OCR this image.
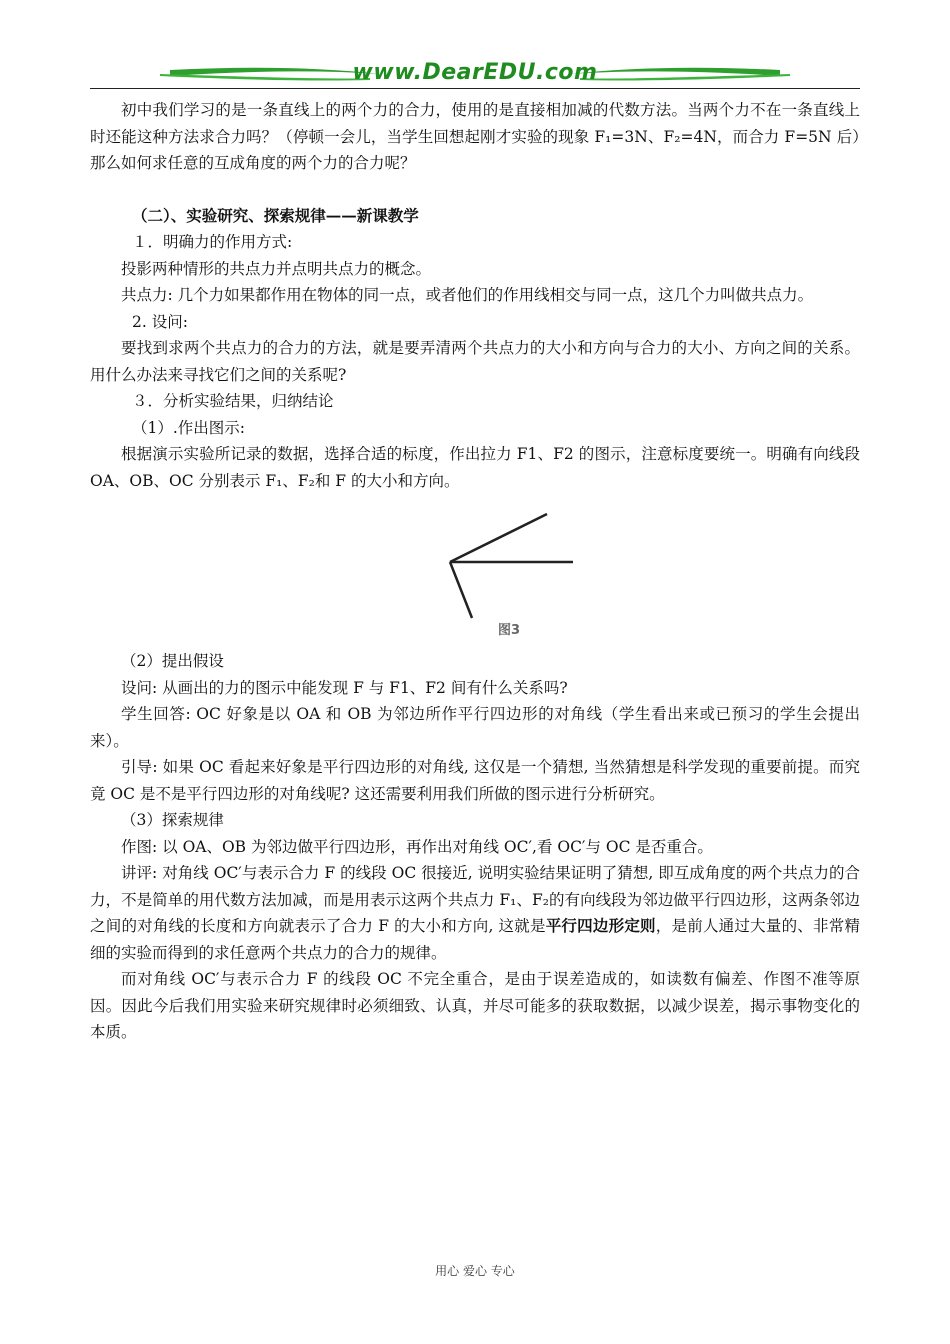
www.DearEDU.com

初中我们学习的是一条直线上的两个力的合力，使用的是直接相加减的代数方法。当两个力不在一条直线上时还能这种方法求合力吗？（停顿一会儿，当学生回想起刚才实验的现象 F₁=3N、F₂=4N，而合力 F=5N 后）那么如何求任意的互成角度的两个力的合力呢？

（二）、实验研究、探索规律——新课教学

１．明确力的作用方式:

投影两种情形的共点力并点明共点力的概念。

共点力: 几个力如果都作用在物体的同一点，或者他们的作用线相交与同一点，这几个力叫做共点力。

2. 设问:

要找到求两个共点力的合力的方法，就是要弄清两个共点力的大小和方向与合力的大小、方向之间的关系。用什么办法来寻找它们之间的关系呢?

３．分析实验结果，归纳结论

（1）.作出图示:

根据演示实验所记录的数据，选择合适的标度，作出拉力 F1、F2 的图示，注意标度要统一。明确有向线段 OA、OB、OC 分别表示 F₁、F₂和 F 的大小和方向。

图3

（2）提出假设

设问: 从画出的力的图示中能发现 F 与 F1、F2 间有什么关系吗?

学生回答: OC 好象是以 OA 和 OB 为邻边所作平行四边形的对角线（学生看出来或已预习的学生会提出来）。

引导: 如果 OC 看起来好象是平行四边形的对角线, 这仅是一个猜想, 当然猜想是科学发现的重要前提。而究竟 OC 是不是平行四边形的对角线呢? 这还需要利用我们所做的图示进行分析研究。

（3）探索规律

作图: 以 OA、OB 为邻边做平行四边形，再作出对角线 OC′,看 OC′与 OC 是否重合。

讲评: 对角线 OC′与表示合力 F 的线段 OC 很接近, 说明实验结果证明了猜想, 即互成角度的两个共点力的合力，不是简单的用代数方法加减，而是用表示这两个共点力 F₁、F₂的有向线段为邻边做平行四边形，这两条邻边之间的对角线的长度和方向就表示了合力 F 的大小和方向, 这就是平行四边形定则，是前人通过大量的、非常精细的实验而得到的求任意两个共点力的合力的规律。

而对角线 OC′与表示合力 F 的线段 OC 不完全重合，是由于误差造成的，如读数有偏差、作图不准等原因。因此今后我们用实验来研究规律时必须细致、认真，并尽可能多的获取数据，以减少误差，揭示事物变化的本质。

用心 爱心 专心
